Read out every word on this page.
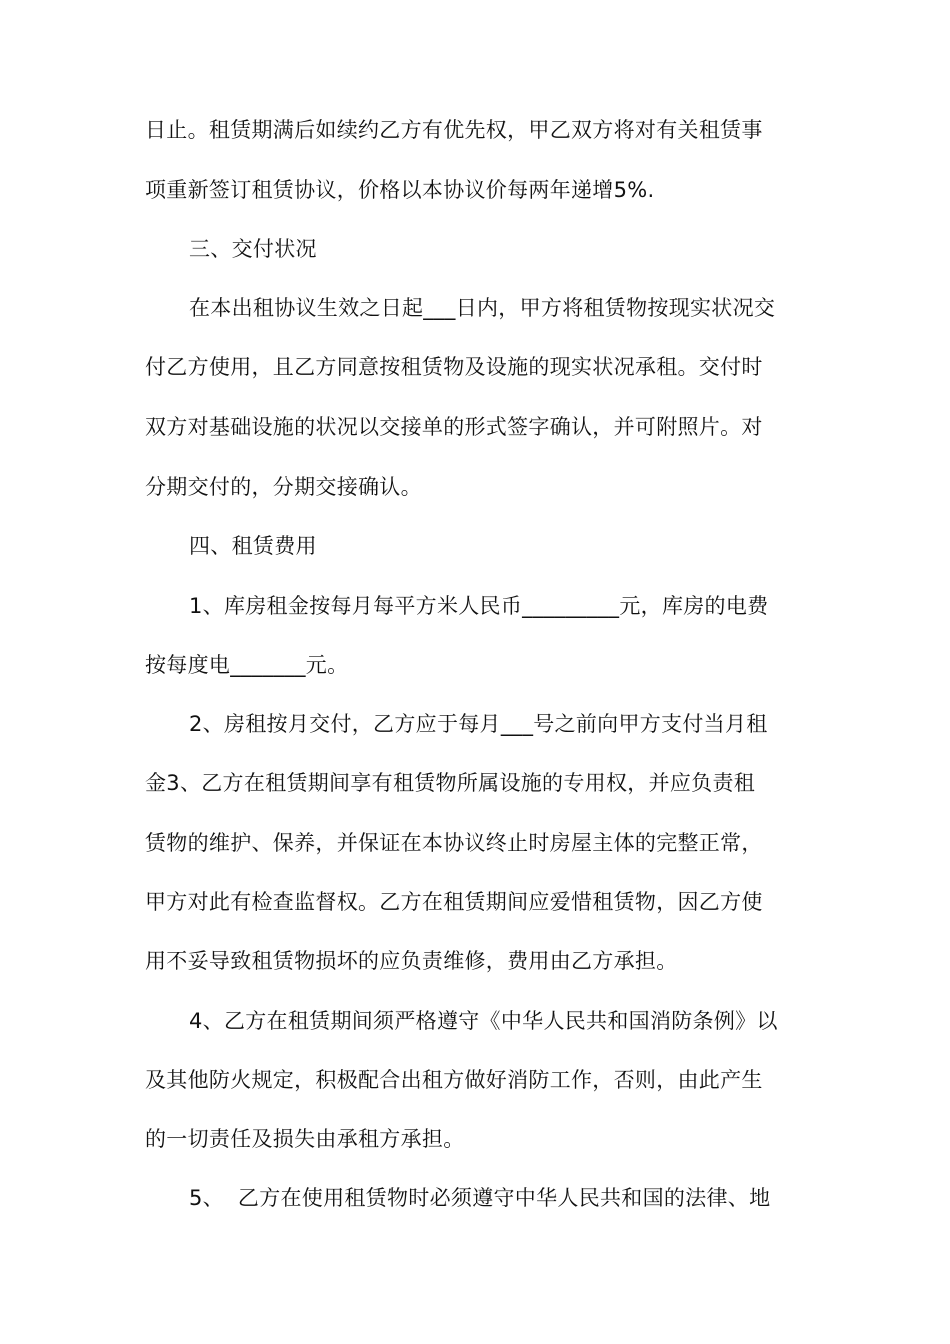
日止。租赁期满后如续约乙方有优先权，甲乙双方将对有关租赁事
项重新签订租赁协议，价格以本协议价每两年递增5%.
三、交付状况
在本出租协议生效之日起___日内，甲方将租赁物按现实状况交
付乙方使用，且乙方同意按租赁物及设施的现实状况承租。交付时
双方对基础设施的状况以交接单的形式签字确认，并可附照片。对
分期交付的，分期交接确认。
四、租赁费用
1、库房租金按每月每平方米人民币_________元，库房的电费
按每度电_______元。
2、房租按月交付，乙方应于每月___号之前向甲方支付当月租
金3、乙方在租赁期间享有租赁物所属设施的专用权，并应负责租
赁物的维护、保养，并保证在本协议终止时房屋主体的完整正常，
甲方对此有检查监督权。乙方在租赁期间应爱惜租赁物，因乙方使
用不妥导致租赁物损坏的应负责维修，费用由乙方承担。
4、乙方在租赁期间须严格遵守《中华人民共和国消防条例》以
及其他防火规定，积极配合出租方做好消防工作，否则，由此产生
的一切责任及损失由承租方承担。
5、  乙方在使用租赁物时必须遵守中华人民共和国的法律、地
